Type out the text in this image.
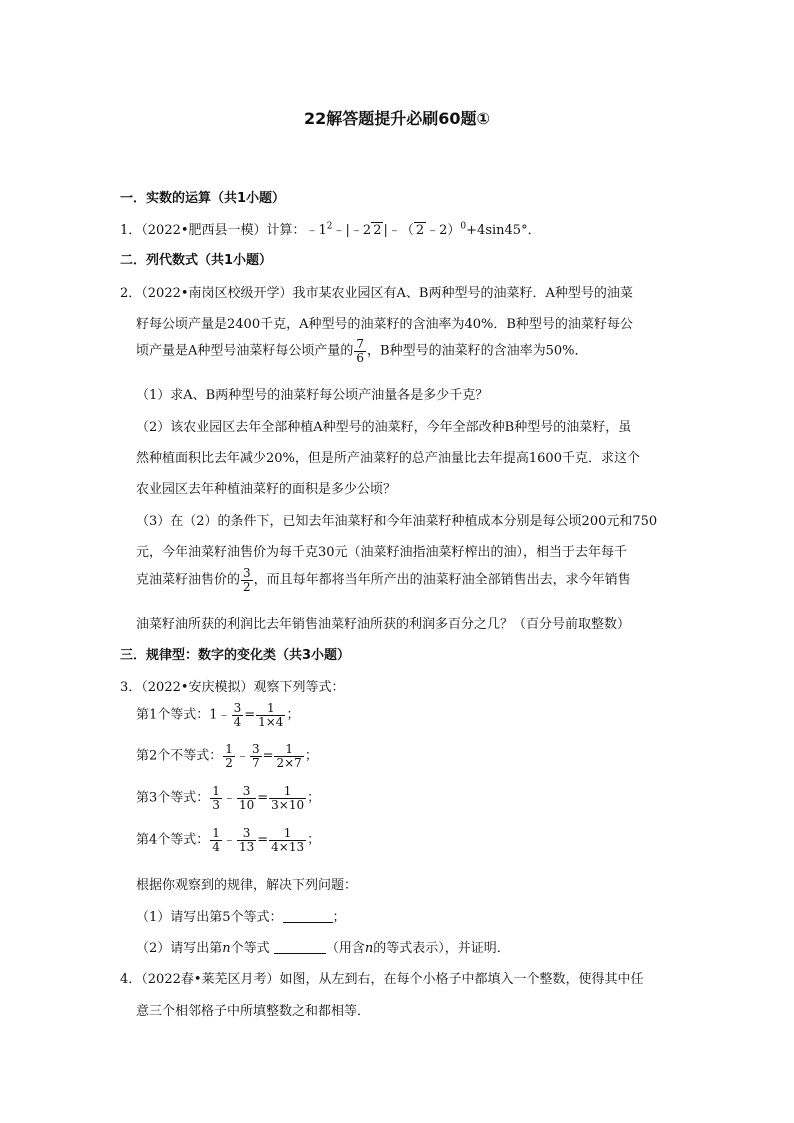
22解答题提升必刷60题①
一．实数的运算（共1小题）
1．（2022•肥西县一模）计算：$﹣1^2﹣|﹣2$ 2 |﹣（ 2 ﹣2）$^0$+4sin45°．
二．列代数式（共1小题）
2．（2022•南岗区校级开学）我市某农业园区有A、B两种型号的油菜籽．A种型号的油菜
籽每公顷产量是2400千克，A种型号的油菜籽的含油率为40%．B种型号的油菜籽每公
顷产量是A种型号油菜籽每公顷产量的 $\frac{7}{6}$ ，B种型号的油菜籽的含油率为50%．
（1）求A、B两种型号的油菜籽每公顷产油量各是多少千克？
（2）该农业园区去年全部种植A种型号的油菜籽，今年全部改种B种型号的油菜籽，虽
然种植面积比去年减少20%，但是所产油菜籽的总产油量比去年提高1600千克．求这个
农业园区去年种植油菜籽的面积是多少公顷？
（3）在（2）的条件下，已知去年油菜籽和今年油菜籽种植成本分别是每公顷200元和750
元，今年油菜籽油售价为每千克30元（油菜籽油指油菜籽榨出的油），相当于去年每千
克油菜籽油售价的 $\frac{3}{2}$ ，而且每年都将当年所产出的油菜籽油全部销售出去，求今年销售
油菜籽油所获的利润比去年销售油菜籽油所获的利润多百分之几？（百分号前取整数）
三．规律型：数字的变化类（共3小题）
3．（2022•安庆模拟）观察下列等式：
第1个等式：1﹣ $\frac{3}{4} = \frac{1}{1\times 4}$ ；
第2个不等式： $\frac{1}{2}$ ﹣ $\frac{3}{7} = \frac{1}{2\times 7}$ ；
第3个等式： $\frac{1}{3}$ ﹣ $\frac{3}{10} = \frac{1}{3\times 10}$ ；
第4个等式： $\frac{1}{4}$ ﹣ $\frac{3}{13} = \frac{1}{4\times 13}$ ；
根据你观察到的规律，解决下列问题：
（1）请写出第5个等式：	；
（2）请写出第n个等式	（用含n的等式表示），并证明．
4．（2022春•莱芜区月考）如图，从左到右，在每个小格子中都填入一个整数，使得其中任
意三个相邻格子中所填整数之和都相等．
